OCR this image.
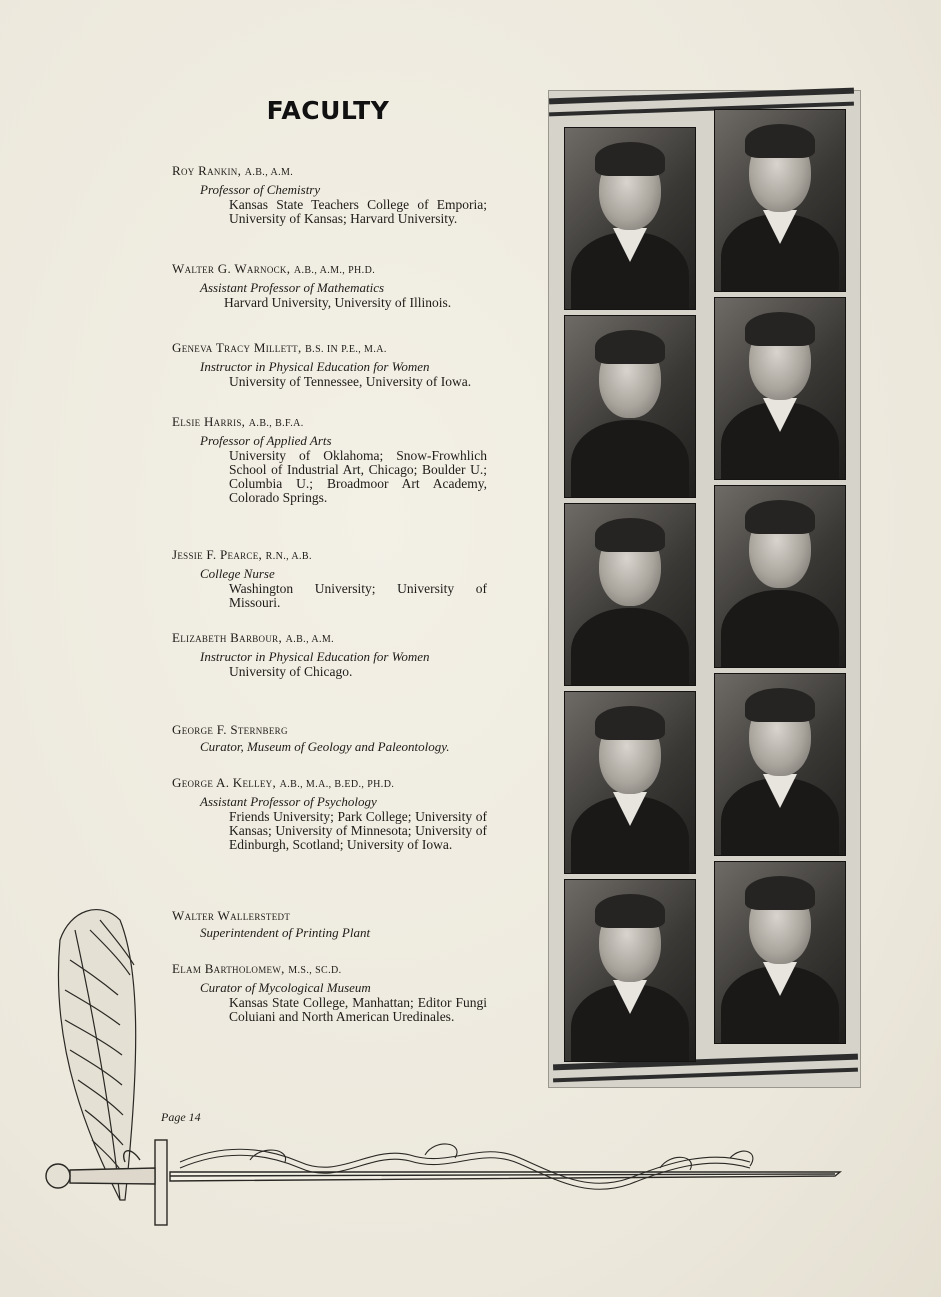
FACULTY
Roy Rankin, A.B., A.M.
Professor of Chemistry
Kansas State Teachers College of Emporia; University of Kansas; Harvard University.
Walter G. Warnock, A.B., A.M., PH.D.
Assistant Professor of Mathematics
Harvard University, University of Illinois.
Geneva Tracy Millett, B.S. IN P.E., M.A.
Instructor in Physical Education for Women
University of Tennessee, University of Iowa.
Elsie Harris, A.B., B.F.A.
Professor of Applied Arts
University of Oklahoma; Snow-Frowhlich School of Industrial Art, Chicago; Boulder U.; Columbia U.; Broadmoor Art Academy, Colorado Springs.
Jessie F. Pearce, R.N., A.B.
College Nurse
Washington University; University of Missouri.
Elizabeth Barbour, A.B., A.M.
Instructor in Physical Education for Women
University of Chicago.
George F. Sternberg
Curator, Museum of Geology and Paleontology.
George A. Kelley, A.B., M.A., B.ED., PH.D.
Assistant Professor of Psychology
Friends University; Park College; University of Kansas; University of Minnesota; University of Edinburgh, Scotland; University of Iowa.
Walter Wallerstedt
Superintendent of Printing Plant
Elam Bartholomew, M.S., SC.D.
Curator of Mycological Museum
Kansas State College, Manhattan; Editor Fungi Coluiani and North American Uredinales.
Page 14
